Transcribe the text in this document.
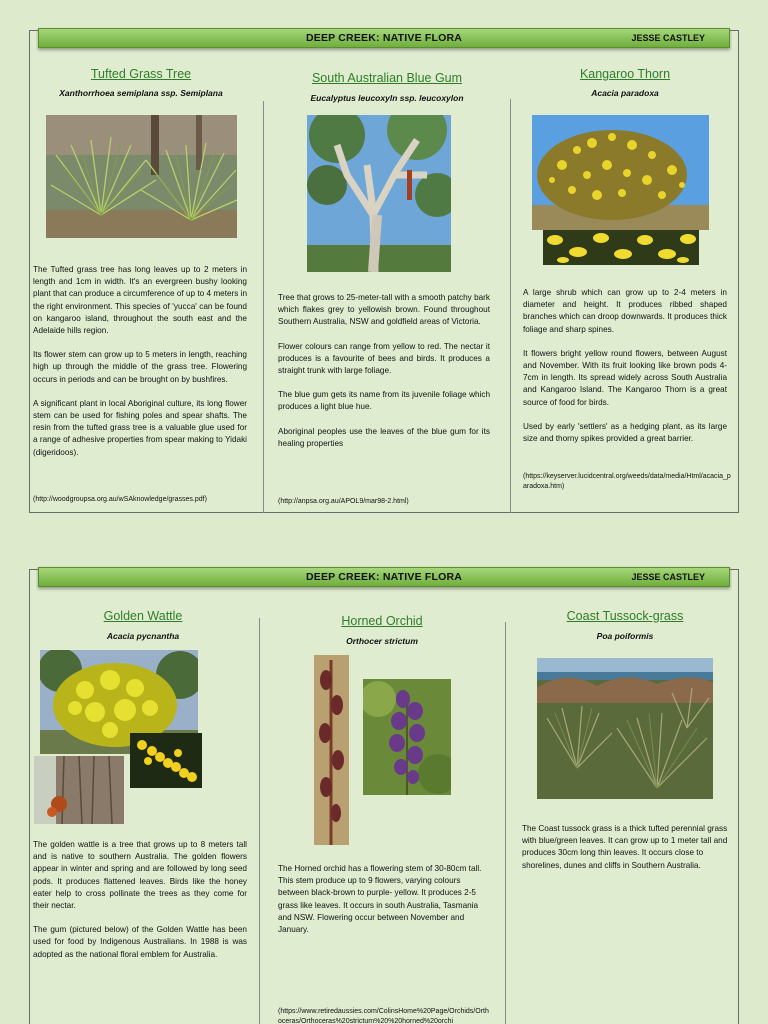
DEEP CREEK: NATIVE FLORA	JESSE CASTLEY
Tufted Grass Tree
Xanthorrhoea semiplana ssp. Semiplana

The Tufted grass tree has long leaves up to 2 meters in length and 1cm in width. It's an evergreen bushy looking plant that can produce a circumference of up to 4 meters in the right environment. This species of 'yucca' can be found on kangaroo island, throughout the south east and the Adelaide hills region.

Its flower stem can grow up to 5 meters in length, reaching high up through the middle of the grass tree. Flowering occurs in periods and can be brought on by bushfires.

A significant plant in local Aboriginal culture, its long flower stem can be used for fishing poles and spear shafts. The resin from the tufted grass tree is a valuable glue used for a range of adhesive properties from spear making to Yidaki (digeridoos).

(http://woodgroupsa.org.au/wSAknowledge/grasses.pdf)
South Australian Blue Gum
Eucalyptus leucoxyln ssp. leucoxylon

Tree that grows to 25-meter-tall with a smooth patchy bark which flakes grey to yellowish brown. Found throughout Southern Australia, NSW and goldfield areas of Victoria.

Flower colours can range from yellow to red. The nectar it produces is a favourite of bees and birds. It produces a straight trunk with large foliage.

The blue gum gets its name from its juvenile foliage which produces a light blue hue.

Aboriginal peoples use the leaves of the blue gum for its healing properties

(http://anpsa.org.au/APOL9/mar98-2.html)
Kangaroo Thorn
Acacia paradoxa

A large shrub which can grow up to 2-4 meters in diameter and height. It produces ribbed shaped branches which can droop downwards. It produces thick foliage and sharp spines.

It flowers bright yellow round flowers, between August and November. With its fruit looking like brown pods 4-7cm in length. Its spread widely across South Australia and Kangaroo Island. The Kangaroo Thorn is a great source of food for birds.

Used by early 'settlers' as a hedging plant, as its large size and thorny spikes provided a great barrier.

(https://keyserver.lucidcentral.org/weeds/data/media/Html/acacia_paradoxa.htm)
DEEP CREEK: NATIVE FLORA	JESSE CASTLEY
Golden Wattle
Acacia pycnantha

The golden wattle is a tree that grows up to 8 meters tall and is native to southern Australia. The golden flowers appear in winter and spring and are followed by long seed pods. It produces flattened leaves. Birds like the honey eater help to cross pollinate the trees as they come for their nectar.

The gum (pictured below) of the Golden Wattle has been used for food by Indigenous Australians. In 1988 is was adopted as the national floral emblem for Australia.

Horned Orchid
Orthocer strictum

The Horned orchid has a flowering stem of 30-80cm tall. This stem produce up to 9 flowers, varying colours between black-brown to purple- yellow. It produces 2-5 grass like leaves. It occurs in south Australia, Tasmania and NSW. Flowering occur between November and January.

(https://www.retiredaussies.com/ColinsHome%20Page/Orchids/Orthoceras/Orthoceras%20strictum%20%20horned%20orchi
Coast Tussock-grass
Poa poiformis

The Coast tussock grass is a thick tufted perennial grass with blue/green leaves. It can grow up to 1 meter tall and produces 30cm long thin leaves. It occurs close to shorelines, dunes and cliffs in Southern Australia.
